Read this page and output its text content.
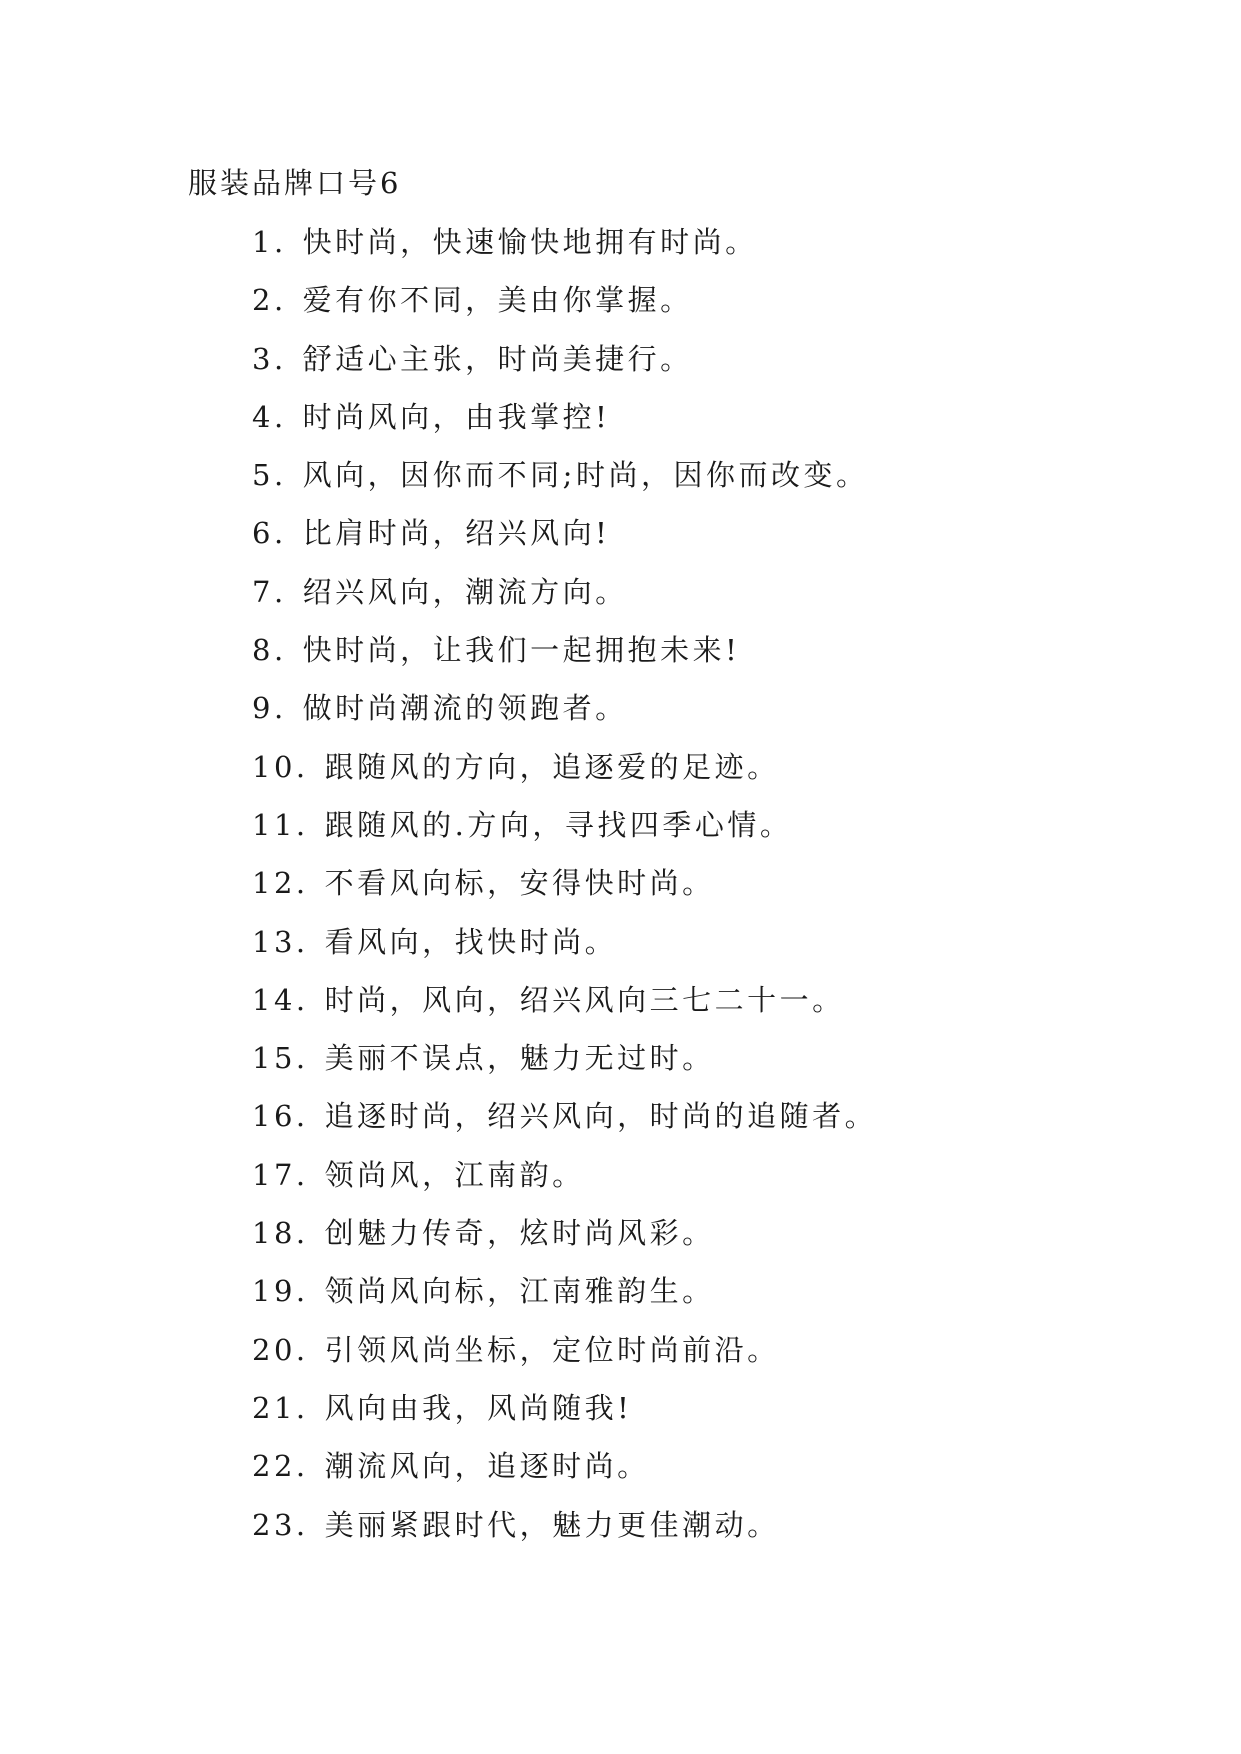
服装品牌口号6
1. 快时尚，快速愉快地拥有时尚。
2. 爱有你不同，美由你掌握。
3. 舒适心主张，时尚美捷行。
4. 时尚风向，由我掌控!
5. 风向，因你而不同;时尚，因你而改变。
6. 比肩时尚，绍兴风向!
7. 绍兴风向，潮流方向。
8. 快时尚，让我们一起拥抱未来!
9. 做时尚潮流的领跑者。
10. 跟随风的方向，追逐爱的足迹。
11. 跟随风的.方向，寻找四季心情。
12. 不看风向标，安得快时尚。
13. 看风向，找快时尚。
14. 时尚，风向，绍兴风向三七二十一。
15. 美丽不误点，魅力无过时。
16. 追逐时尚，绍兴风向，时尚的追随者。
17. 领尚风，江南韵。
18. 创魅力传奇，炫时尚风彩。
19. 领尚风向标，江南雅韵生。
20. 引领风尚坐标，定位时尚前沿。
21. 风向由我，风尚随我!
22. 潮流风向，追逐时尚。
23. 美丽紧跟时代，魅力更佳潮动。
